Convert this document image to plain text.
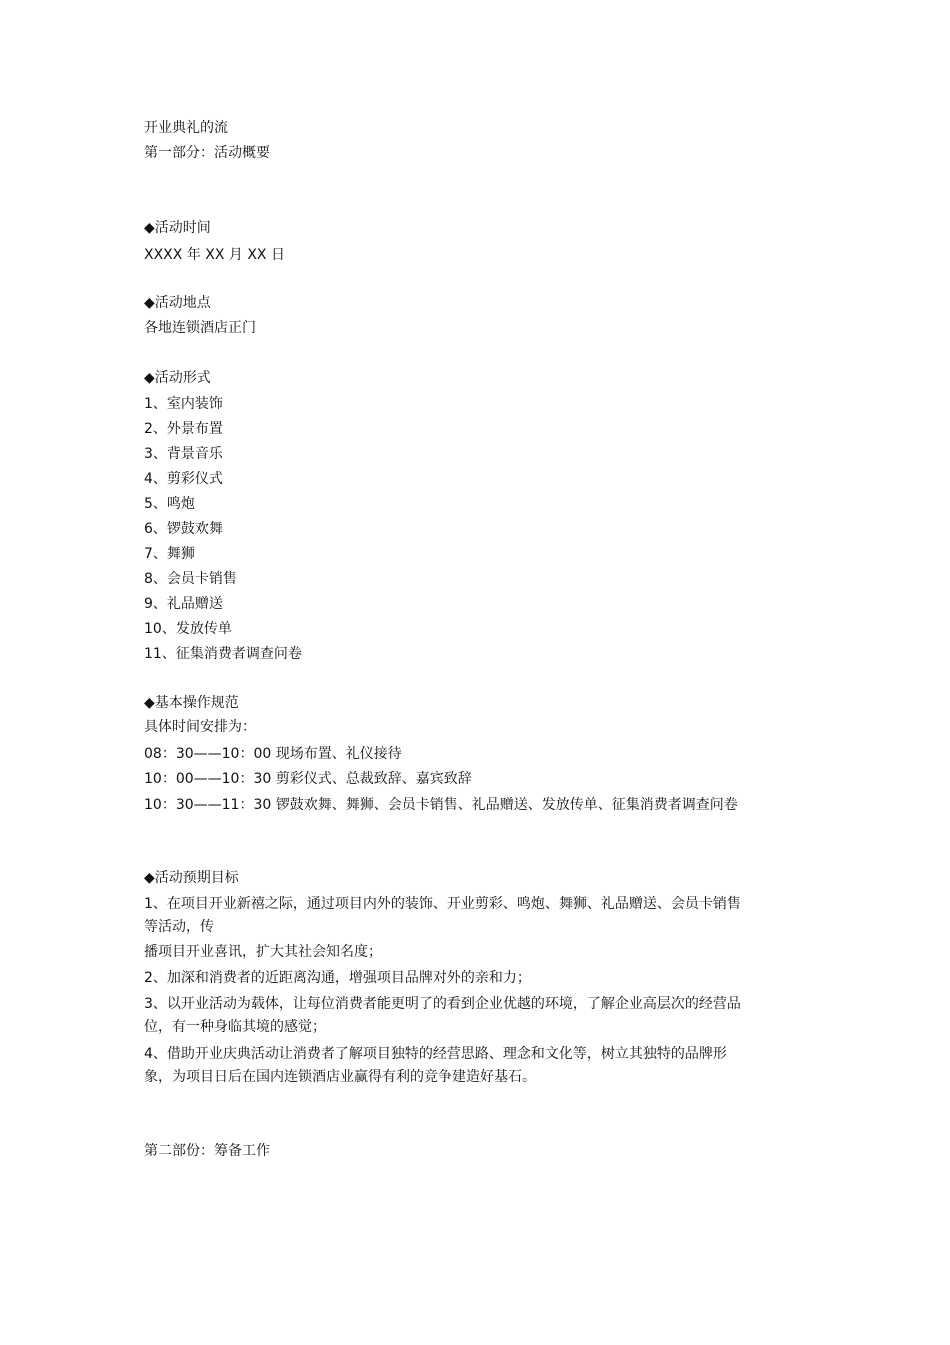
开业典礼的流
第一部分：活动概要
◆活动时间
XXXX 年 XX 月 XX 日
◆活动地点
各地连锁酒店正门
◆活动形式
1、室内装饰
2、外景布置
3、背景音乐
4、剪彩仪式
5、鸣炮
6、锣鼓欢舞
7、舞狮
8、会员卡销售
9、礼品赠送
10、发放传单
11、征集消费者调查问卷
◆基本操作规范
具体时间安排为：
08：30——10：00 现场布置、礼仪接待
10：00——10：30 剪彩仪式、总裁致辞、嘉宾致辞
10：30——11：30 锣鼓欢舞、舞狮、会员卡销售、礼品赠送、发放传单、征集消费者调查问卷
◆活动预期目标
1、在项目开业新禧之际，通过项目内外的装饰、开业剪彩、鸣炮、舞狮、礼品赠送、会员卡销售等活动，传
播项目开业喜讯，扩大其社会知名度；
2、加深和消费者的近距离沟通，增强项目品牌对外的亲和力；
3、以开业活动为载体，让每位消费者能更明了的看到企业优越的环境，了解企业高层次的经营品位，有一种身临其境的感觉；
4、借助开业庆典活动让消费者了解项目独特的经营思路、理念和文化等，树立其独特的品牌形象，为项目日后在国内连锁酒店业赢得有利的竞争建造好基石。
第二部份：筹备工作
